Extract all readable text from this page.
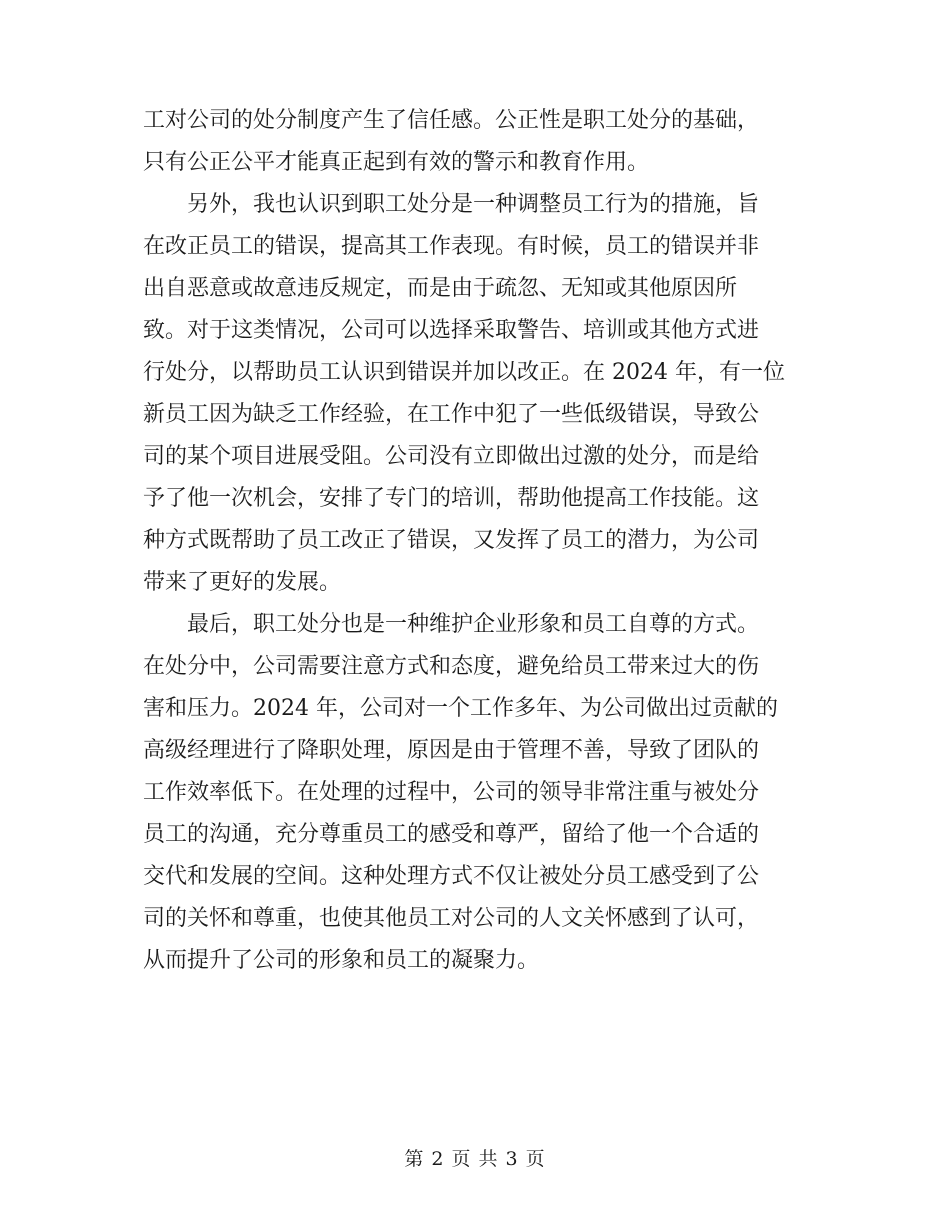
工对公司的处分制度产生了信任感。公正性是职工处分的基础，
只有公正公平才能真正起到有效的警示和教育作用。
另外，我也认识到职工处分是一种调整员工行为的措施，旨
在改正员工的错误，提高其工作表现。有时候，员工的错误并非
出自恶意或故意违反规定，而是由于疏忽、无知或其他原因所
致。对于这类情况，公司可以选择采取警告、培训或其他方式进
行处分，以帮助员工认识到错误并加以改正。在 2024 年，有一位
新员工因为缺乏工作经验，在工作中犯了一些低级错误，导致公
司的某个项目进展受阻。公司没有立即做出过激的处分，而是给
予了他一次机会，安排了专门的培训，帮助他提高工作技能。这
种方式既帮助了员工改正了错误，又发挥了员工的潜力，为公司
带来了更好的发展。
最后，职工处分也是一种维护企业形象和员工自尊的方式。
在处分中，公司需要注意方式和态度，避免给员工带来过大的伤
害和压力。2024 年，公司对一个工作多年、为公司做出过贡献的
高级经理进行了降职处理，原因是由于管理不善，导致了团队的
工作效率低下。在处理的过程中，公司的领导非常注重与被处分
员工的沟通，充分尊重员工的感受和尊严，留给了他一个合适的
交代和发展的空间。这种处理方式不仅让被处分员工感受到了公
司的关怀和尊重，也使其他员工对公司的人文关怀感到了认可，
从而提升了公司的形象和员工的凝聚力。
第 2 页 共 3 页
